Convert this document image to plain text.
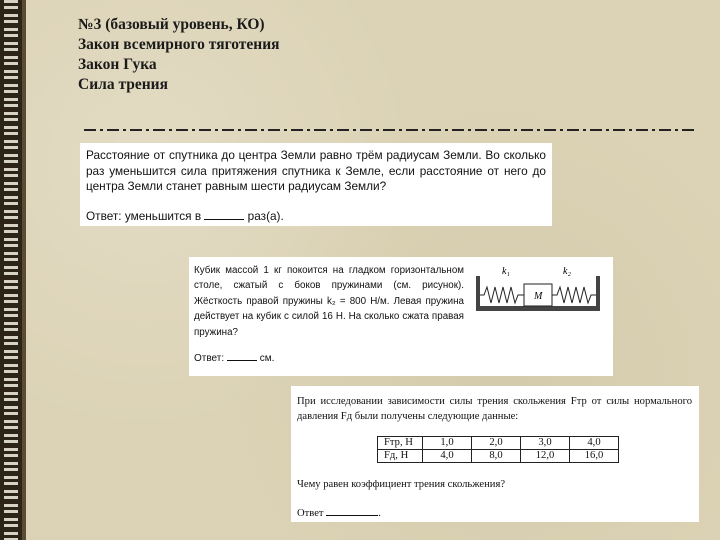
№3 (базовый уровень, КО)
Закон всемирного тяготения
Закон Гука
Сила трения
Расстояние от спутника до центра Земли равно трём радиусам Земли. Во сколько раз уменьшится сила притяжения спутника к Земле, если расстояние от него до центра Земли станет равным шести радиусам Земли?
Ответ: уменьшится в	раз(а).
Кубик массой 1 кг покоится на гладком горизонтальном столе, сжатый с боков пружинами (см. рисунок). Жёсткость правой пружины k₂ = 800 Н/м. Левая пружина действует на кубик с силой 16 Н. На сколько сжата правая пружина?
Ответ:	см.
k₁	k₂
M
При исследовании зависимости силы трения скольжения Fтр от силы нормального давления Fд были получены следующие данные:
Fтр, Н	1,0	2,0	3,0	4,0
Fд, Н	4,0	8,0	12,0	16,0
Чему равен коэффициент трения скольжения?
Ответ	.
